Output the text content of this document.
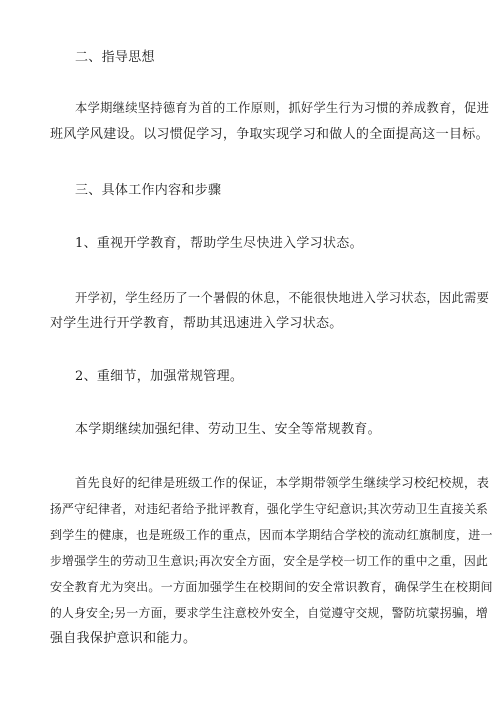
二、指导思想
本学期继续坚持德育为首的工作原则，抓好学生行为习惯的养成教育，促进
班风学风建设。以习惯促学习，争取实现学习和做人的全面提高这一目标。
三、具体工作内容和步骤
1、重视开学教育，帮助学生尽快进入学习状态。
开学初，学生经历了一个暑假的休息，不能很快地进入学习状态，因此需要
对学生进行开学教育，帮助其迅速进入学习状态。
2、重细节，加强常规管理。
本学期继续加强纪律、劳动卫生、安全等常规教育。
首先良好的纪律是班级工作的保证，本学期带领学生继续学习校纪校规，表
扬严守纪律者，对违纪者给予批评教育，强化学生守纪意识;其次劳动卫生直接关系
到学生的健康，也是班级工作的重点，因而本学期结合学校的流动红旗制度，进一
步增强学生的劳动卫生意识;再次安全方面，安全是学校一切工作的重中之重，因此
安全教育尤为突出。一方面加强学生在校期间的安全常识教育，确保学生在校期间
的人身安全;另一方面，要求学生注意校外安全，自觉遵守交规，警防坑蒙拐骗，增
强自我保护意识和能力。
